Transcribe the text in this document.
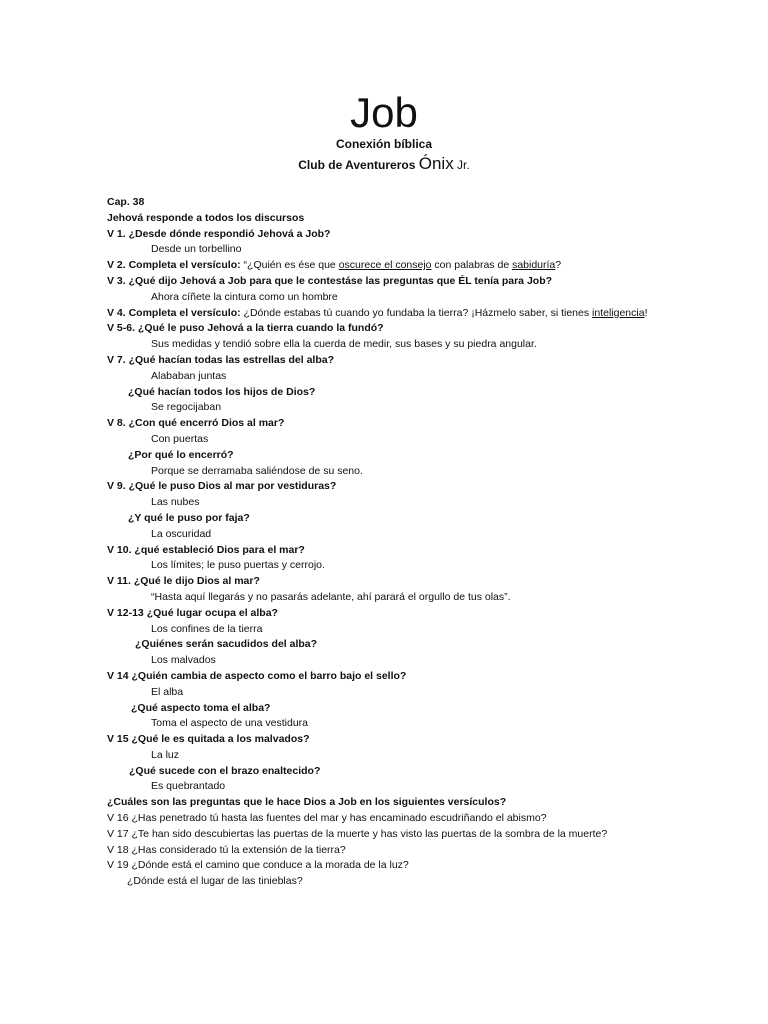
Job
Conexión bíblica
Club de Aventureros Ónix Jr.
Cap. 38
Jehová responde a todos los discursos
V 1. ¿Desde dónde respondió Jehová a Job?
Desde un torbellino
V 2. Completa el versículo: “¿Quién es ése que oscurece el consejo con palabras de sabiduría?
V 3. ¿Qué dijo Jehová a Job para que le contestáse las preguntas que ÉL tenía para Job?
Ahora cíñete la cintura como un hombre
V 4. Completa el versículo: ¿Dónde estabas tú cuando yo fundaba la tierra? ¡Házmelo saber, si tienes inteligencia!
V 5-6. ¿Qué le puso Jehová a la tierra cuando la fundó?
Sus medidas y tendió sobre ella la cuerda de medir, sus bases y su piedra angular.
V 7. ¿Qué hacían todas las estrellas del alba?
Alababan juntas
¿Qué hacían todos los hijos de Dios?
Se regocijaban
V 8. ¿Con qué encerró Dios al mar?
Con puertas
¿Por qué lo encerró?
Porque se derramaba saliéndose de su seno.
V 9. ¿Qué le puso Dios al mar por vestiduras?
Las nubes
¿Y qué le puso por faja?
La oscuridad
V 10. ¿qué estableció Dios para el mar?
Los límites; le puso puertas y cerrojo.
V 11. ¿Qué le dijo Dios al mar?
“Hasta aquí llegarás y no pasarás adelante, ahí parará el orgullo de tus olas”.
V 12-13 ¿Qué lugar ocupa el alba?
Los confines de la tierra
¿Quiénes serán sacudidos del alba?
Los malvados
V 14 ¿Quién cambia de aspecto como el barro bajo el sello?
El alba
¿Qué aspecto toma el alba?
Toma el aspecto de una vestidura
V 15 ¿Qué le es quitada a los malvados?
La luz
¿Qué sucede con el brazo enaltecido?
Es quebrantado
¿Cuáles son las preguntas que le hace Dios a Job en los siguientes versículos?
V 16 ¿Has penetrado tú hasta las fuentes del mar y has encaminado escudriñando el abismo?
V 17 ¿Te han sido descubiertas las puertas de la muerte y has visto las puertas de la sombra de la muerte?
V 18 ¿Has considerado tú la extensión de la tierra?
V 19 ¿Dónde está el camino que conduce a la morada de la luz?
¿Dónde está el lugar de las tinieblas?
